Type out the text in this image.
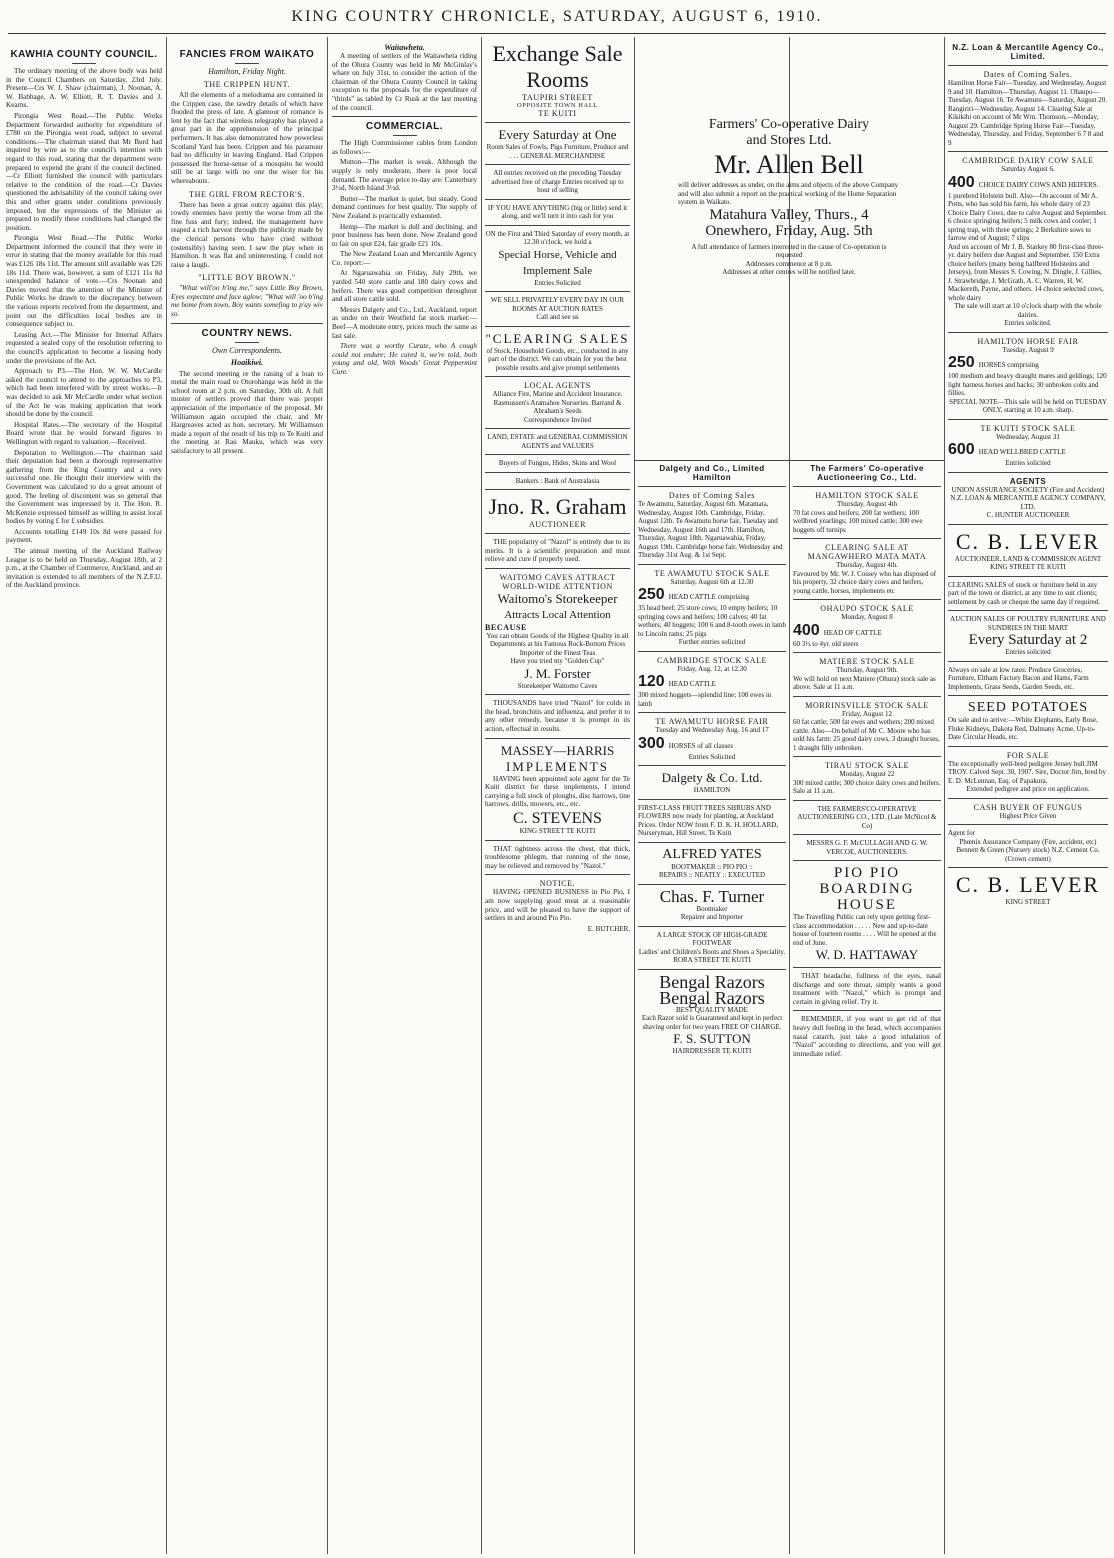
KING COUNTRY CHRONICLE, SATURDAY, AUGUST 6, 1910.
KAWHIA COUNTY COUNCIL.

The ordinary meeting of the above body was held in the Council Chambers on Saturday, 23rd July. Present—Crs W. J. Shaw (chairman), J. Noonan, A. W. Babbage, A. W. Elliott, R. T. Davies and J. Kearns.

Pirongia West Road.—The Public Works Department forwarded authority for expenditure of £780 on the Pirongia west road, subject to several conditions.—The chairman stated that Mr Burd had inquired by wire as to the council's intention with regard to this road, stating that the department were prepared to expend the grant if the council declined.—Cr Elliott furnished the council with particulars relative to the condition of the road.—Cr Davies questioned the advisability of the council taking over this and other grants under conditions previously imposed, but the expressions of the Minister as prepared to modify these conditions had changed the position.

Pirongia West Road.—The Public Works Department informed the council that they were in error in stating that the money available for this road was £126 18s 11d. The amount still available was £26 18s 11d. There was, however, a sum of £121 11s 8d unexpended balance of vote.—Crs Noonan and Davies moved that the attention of the Minister of Public Works be drawn to the discrepancy between the various reports received from the department, and point out the difficulties local bodies are in consequence subject to.

Leasing Act.—The Minister for Internal Affairs requested a sealed copy of the resolution referring to the council's application to become a leasing body under the provisions of the Act.

Approach to P3.—The Hon. W. W. McCardle asked the council to attend to the approaches to P3, which had been interfered with by street works.—It was decided to ask Mr McCardle under what section of the Act he was making application that work should be done by the council.

Hospital Rates.—The secretary of the Hospital Board wrote that he would forward figures to Wellington with regard to valuation.—Received.

Deputation to Wellington.—The chairman said their deputation had been a thorough representative gathering from the King Country and a very successful one. He thought their interview with the Government was calculated to do a great amount of good. The feeling of discontent was so general that the Government was impressed by it. The Hon. R. McKenzie expressed himself as willing to assist local bodies by voting £ for £ subsidies.

Accounts totalling £149 10s 8d were passed for payment.

The annual meeting of the Auckland Railway League is to be held on Thursday, August 18th, at 2 p.m., at the Chamber of Commerce, Auckland, and an invitation is extended to all members of the N.Z.F.U. of the Auckland province.

FANCIES FROM WAIKATO
Hamilton, Friday Night.
THE CRIPPEN HUNT.

All the elements of a melodrama are contained in the Crippen case, the tawdry details of which have flooded the press of late. A glamour of romance is lent by the fact that wireless telegraphy has played a great part in the apprehension of the principal performers. It has also demonstrated how powerless Scotland Yard has been. Crippen and his paramour had no difficulty in leaving England. Had Crippen possessed the horse-sense of a mosquito he would still be at large with no one the wiser for his whereabouts.

THE GIRL FROM RECTOR'S.

There has been a great outcry against this play; rowdy enemies have pretty the worse from all the fine fuss and fury; indeed, the management have reaped a rich harvest through the publicity made by the clerical persons who have cried without (ostensibly) having seen. I saw the play when in Hamilton. It was flat and uninteresting. I could not raise a laugh.

"LITTLE BOY BROWN."

"What will'oo b'ing me," says Little Boy Brown, Eyes expectant and face aglow; "What will 'oo b'ing me home from town, Boy wants somefing to p'ay wiv so.

COUNTRY NEWS.
Own Correspondents.
Hoaikiwi.

The second meeting re the raising of a loan to metal the main road to Otorohanga was held in the school room at 2 p.m. on Saturday, 30th ult. A full muster of settlers proved that there was proper appreciation of the importance of the proposal. Mr Williamson again occupied the chair, and Mr Hargreaves acted as hon. secretary. Mr Williamson made a report of the result of his trip to Te Kuiti and the meeting at Rau Mauku, which was very satisfactory to all present.

Waitawheta.

A meeting of settlers of the Waitawheta riding of the Ohura County was held in Mr McGinlay's whare on July 31st, to consider the action of the chairman of the Ohura County Council in taking exception to the proposals for the expenditure of "thirds" as tabled by Cr Rusk at the last meeting of the council.

COMMERCIAL.

The High Commissioner cables from London as follows:—

Mutton—The market is weak. Although the supply is only moderate, there is poor local demand. The average price to-day are: Canterbury 3½d, North Island 3½d.

Butter—The market is quiet, but steady. Good demand continues for best quality. The supply of New Zealand is practically exhausted.

Hemp—The market is dull and declining, and poor business has been done. New Zealand good to fair on spot £24, fair grade £21 10s.

The New Zealand Loan and Mercantile Agency Co. report:—

At Ngaruawahia on Friday, July 29th, we yarded 540 store cattle and 180 dairy cows and heifers. There was good competition throughout and all store cattle sold.

Messrs Dalgety and Co., Ltd., Auckland, report as under on their Westfield fat stock market:—Beef—A moderate entry, prices much the same as last sale.

There was a worthy Curate, who A cough could not endure; He cured it, we're told, both young and old, With Woods' Great Peppermint Cure.

Exchange Sale
Rooms
TAUPIRI STREET
OPPOSITE TOWN HALL
TE KUITI
Every Saturday at One
Room Sales of Fowls, Pigs Furniture, Produce and . . . GENERAL MERCHANDISE
All entries received on the preceding Tuesday advertised free of charge Entries received up to hour of selling
IF YOU HAVE ANYTHING (big or little) send it along, and we'll turn it into cash for you
ON the First and Third Saturday of every month, at 12.30 o'clock, we hold a
Special Horse, Vehicle and Implement Sale
Entries Solicited
WE SELL PRIVATELY EVERY DAY IN OUR ROOMS AT AUCTION RATES
Call and see us
"CLEARING SALES
of Stock, Household Goods, etc., conducted in any part of the district. We can obtain for you the best possible results and give prompt settlements
LOCAL AGENTS
Alliance Fire, Marine and Accident Insurance. Rasmussen's Aramahoe Nurseries. Barrand & Abraham's Seeds
Correspondence Invited
LAND, ESTATE and GENERAL COMMISSION AGENTS and VALUERS
Buyers of Fungus, Hides, Skins and Wool
Bankers : Bank of Australasia
Jno. R. Graham
AUCTIONEER

THE popularity of "Nazol" is entirely due to its merits. It is a scientific preparation and must relieve and cure if properly used.

WAITOMO CAVES ATTRACT WORLD-WIDE ATTENTION
Waitomo's Storekeeper
Attracts Local Attention
BECAUSE
You can obtain Goods of the Highest Quality in all Departments at his Famous Rock-Bottom Prices
Importer of the Finest Teas
Have you tried my "Golden Cup"
J. M. Forster
Storekeeper Waitomo Caves

THOUSANDS have tried "Nazol" for colds in the head, bronchitis and influenza, and prefer it to any other remedy, because it is prompt in its action, effectual in results.

MASSEY—HARRIS
IMPLEMENTS

HAVING been appointed sole agent for the Te Kuiti district for these implements, I intend carrying a full stock of ploughs, disc harrows, tine harrows, drills, mowers, etc., etc.

C. STEVENS
KING STREET TE KUITI

THAT tightness across the chest, that thick, troublesome phlegm, that running of the nose, may be relieved and removed by "Nazol."

NOTICE.

HAVING OPENED BUSINESS in Pio Pio, I am now supplying good meat at a reasonable price, and will be pleased to have the support of settlers in and around Pio Pio.

E. BUTCHER.
Farmers' Co-operative Dairy
and Stores Ltd.
Mr. Allen Bell
will deliver addresses as under, on the aims and objects of the above Company and will also submit a report on the practical working of the Home Separation system in Waikato.
Matahura Valley, Thurs., 4
Onewhero, Friday, Aug. 5th
A full attendance of farmers interested in the cause of Co-operation is requested
Addresses commence at 8 p.m.
Addresses at other centres will be notified later.
Dalgety and Co., Limited
Hamilton
Dates of Coming Sales
Te Awamutu, Saturday, August 6th. Matamata, Wednesday, August 10th. Cambridge, Friday, August 12th. Te Awamutu horse fair, Tuesday and Wednesday, August 16th and 17th. Hamilton, Thursday, August 18th. Ngaruawahia, Friday, August 19th. Cambridge horse fair, Wednesday and Thursday 31st Aug. & 1st Sept.
TE AWAMUTU STOCK SALE
Saturday, August 6th at 12.30
250 HEAD CATTLE comprising
35 head beef; 25 store cows; 10 empty heifers; 10 springing cows and heifers; 100 calves; 40 fat wethers; 40 hoggets; 100 6 and 8-tooth ewes in lamb to Lincoln rams; 25 pigs
Further entries solicited
CAMBRIDGE STOCK SALE
Friday, Aug. 12, at 12.30
120 HEAD CATTLE
300 mixed hoggets—splendid line; 100 ewes in lamb
TE AWAMUTU HORSE FAIR
Tuesday and Wednesday Aug. 16 and 17
300 HORSES of all classes
Entries Solicited
Dalgety & Co. Ltd.
HAMILTON
FIRST-CLASS FRUIT TREES SHRUBS AND FLOWERS now ready for planting, at Auckland Prices. Order NOW from F. D. K. H. HOLLARD, Nurseryman, Hill Street, Te Kuiti
ALFRED YATES
BOOTMAKER :: PIO PIO ::
REPAIRS :: NEATLY :: EXECUTED
Chas. F. Turner
Bootmaker
Repairer and Importer
A LARGE STOCK OF HIGH-GRADE FOOTWEAR
Ladies' and Children's Boots and Shoes a Speciality.
RORA STREET TE KUITI
Bengal Razors
Bengal Razors
BEST QUALITY MADE
Each Razor sold is Guaranteed and kept in perfect shaving order for two years FREE OF CHARGE.
F. S. SUTTON
HAIRDRESSER TE KUITI
The Farmers' Co-operative Auctioneering Co., Ltd.
HAMILTON STOCK SALE
Thursday, August 4th
70 fat cows and heifers; 200 fat wethers; 100 wellbred yearlings; 100 mixed cattle; 300 ewe hoggets off turnips
CLEARING SALE AT MANGAWHERO MATA MATA
Thursday, August 4th.
Favoured by Mr. W. J. Cossey who has disposed of his property, 32 choice dairy cows and heifers, young cattle, horses, implements etc
OHAUPO STOCK SALE
Monday, August 8
400 HEAD OF CATTLE
60 3½ to 4yr. old steers
MATIERE STOCK SALE
Thursday, August 9th.
We will hold on next Matiere (Ohura) stock sale as above. Sale at 11 a.m.
MORRINSVILLE STOCK SALE
Friday, August 12
60 fat cattle; 500 fat ewes and wethers; 200 mixed cattle. Also—On behalf of Mr C. Moore who has sold his farm: 25 good dairy cows, 3 draught horses, 1 draught filly unbroken.
TIRAU STOCK SALE
Monday, August 22
300 mixed cattle; 300 choice dairy cows and heifers. Sale at 11 a.m.
THE FARMERS'CO-OPERATIVE AUCTIONEERING CO., LTD. (Late McNicol & Co)
MESSRS G. F. McCULLAGH AND G. W. VERCOE, AUCTIONEERS.
PIO PIO
BOARDING HOUSE
The Travelling Public can rely upon getting first-class accommodation . . . . . New and up-to-date house of fourteen rooms . . . . Will be opened at the end of June.
W. D. HATTAWAY

THAT headache, fullness of the eyes, nasal discharge and sore throat, simply wants a good treatment with "Nazol," which is prompt and certain in giving relief. Try it.

REMEMBER, if you want to get rid of that heavy dull feeling in the head, which accompanies nasal catarrh, just take a good inhalation of "Nazol" according to directions, and you will get immediate relief.

N.Z. Loan & Mercantile Agency Co., Limited.
Dates of Coming Sales.
Hamilton Horse Fair—Tuesday, and Wednesday, August 9 and 10. Hamilton—Thursday, August 11. Ohaupo—Tuesday, August 16. Te Awamutu—Saturday, August 20. Rangiriri—Wednesday, August 14. Clearing Sale at Kikikihi on account of Mr Wm. Thomson,—Monday, August 29. Cambridge Spring Horse Fair—Tuesday, Wednesday, Thursday, and Friday, September 6 7 8 and 9
CAMBRIDGE DAIRY COW SALE
Saturday August 6.
400 CHOICE DAIRY COWS AND HEIFERS.
1 purebred Holstein bull. Also—On account of Mr A. Potts, who has sold his farm, his whole dairy of 23 Choice Dairy Cows, due to calve August and September. 6 choice springing heifers; 5 milk cows and cooler; 1 spring trap, with three springs; 2 Berkshire sows to farrow end of August; 7 slips
And on account of Mr J. B. Starkey 80 first-class three-yr. dairy heifers due August and September. 150 Extra choice heifers (many being halfbred Holsteins and Jerseys), from Messrs S. Cowing, N. Dingle, J. Gillies, J. Strawbridge, J. McGrath, A. C. Warren, H. W. Mackereth, Payne, and others. 14 choice selected cows, whole dairy
The sale will start at 10 o'clock sharp with the whole dairies.
Entries solicited.
HAMILTON HORSE FAIR
Tuesday, August 9
250 HORSES comprising
100 medium and heavy draught mares and geldings; 120 light harness horses and hacks; 30 unbroken colts and fillies.
SPECIAL NOTE—This sale will be held on TUESDAY ONLY, starting at 10 a.m. sharp.
TE KUITI STOCK SALE
Wednesday, August 31
600 HEAD WELLBRED CATTLE
Entries solicited
AGENTS
UNION ASSURANCE SOCIETY (Fire and Accident)
N.Z. LOAN & MERCANTILE AGENCY COMPANY, LTD.
C. HUNTER AUCTIONEER
C. B. LEVER
AUCTIONEER, LAND & COMMISSION AGENT
KING STREET TE KUITI
CLEARING SALES of stock or furniture held in any part of the town or district, at any time to suit clients; settlement by cash or cheque the same day if required.
AUCTION SALES OF POULTRY FURNITURE AND SUNDRIES IN THE MART
Every Saturday at 2
Entries solicited
Always on sale at low rates: Produce Groceries, Furniture, Eltham Factory Bacon and Hams, Farm Implements, Grass Seeds, Garden Seeds, etc.
SEED POTATOES
On sale and to arrive:—White Elephants, Early Rose, Fluke Kidneys, Dakota Red, Dalmany Acme, Up-to-Date Circular Heads, etc.
FOR SALE
The exceptionally well-bred pedigree Jersey bull JIM TROY. Calved Sept. 30, 1907. Sire, Doctor Jim, bred by E. D. McLennan, Esq. of Papakura.
Extended pedigree and price on application.
CASH BUYER OF FUNGUS
Highest Price Given
Agent for
Phœnix Assurance Company (Fire, accident, etc) Bennett & Green (Nursery stock) N.Z. Cement Co. (Crown cement)
C. B. LEVER
KING STREET
